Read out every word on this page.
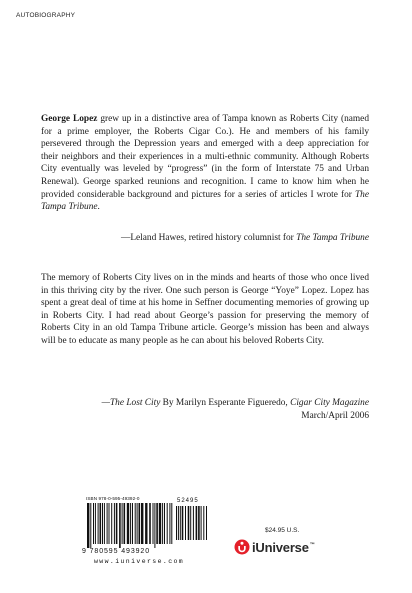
AUTOBIOGRAPHY

George Lopez grew up in a distinctive area of Tampa known as Roberts City (named for a prime employer, the Roberts Cigar Co.). He and members of his family persevered through the Depression years and emerged with a deep appreciation for their neighbors and their experiences in a multi-ethnic community. Although Roberts City eventually was leveled by “progress” (in the form of Interstate 75 and Urban Renewal). George sparked reunions and recognition. I came to know him when he provided considerable background and pictures for a series of articles I wrote for The Tampa Tribune.

—Leland Hawes, retired history columnist for The Tampa Tribune

The memory of Roberts City lives on in the minds and hearts of those who once lived in this thriving city by the river. One such person is George “Yoye” Lopez. Lopez has spent a great deal of time at his home in Seffner documenting memories of growing up in Roberts City. I had read about George’s passion for preserving the memory of Roberts City in an old Tampa Tribune article. George’s mission has been and always will be to educate as many people as he can about his beloved Roberts City.

—The Lost City By Marilyn Esperante Figueredo, Cigar City Magazine
March/April 2006
ISBN 978-0-595-49392-0	52495
9 780595 493920
www.iuniverse.com
$24.95 U.S.
iUniverse™
